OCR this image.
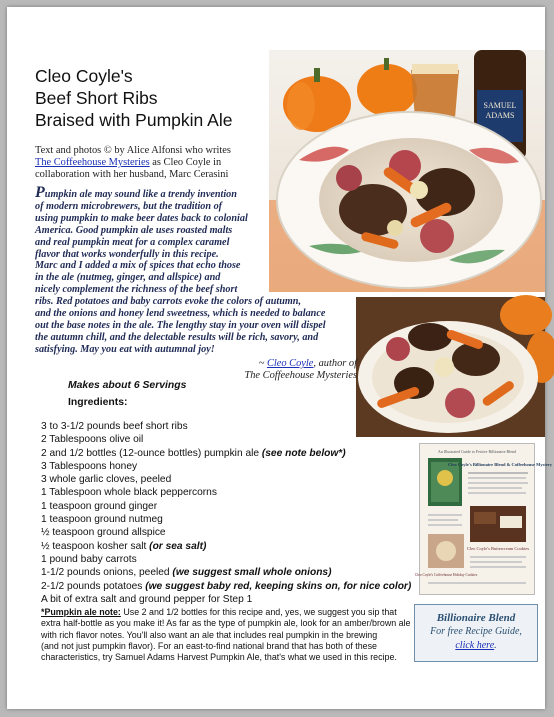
Cleo Coyle's
Beef Short Ribs
Braised with Pumpkin Ale
Text and photos © by Alice Alfonsi who writes
The Coffeehouse Mysteries as Cleo Coyle in
collaboration with her husband, Marc Cerasini
SAMUEL
ADAMS
Pumpkin ale may sound like a trendy invention
of modern microbrewers, but the tradition of
using pumpkin to make beer dates back to colonial
America. Good pumpkin ale uses roasted malts
and real pumpkin meat for a complex caramel
flavor that works wonderfully in this recipe.
Marc and I added a mix of spices that echo those
in the ale (nutmeg, ginger, and allspice) and
nicely complement the richness of the beef short
ribs. Red potatoes and baby carrots evoke the colors of autumn,
and the onions and honey lend sweetness, which is needed to balance
out the base notes in the ale. The lengthy stay in your oven will dispel
the autumn chill, and the delectable results will be rich, savory, and
satisfying. May you eat with autumnal joy!
~ Cleo Coyle, author of
The Coffeehouse Mysteries
Makes about 6 Servings
Ingredients:
3 to 3-1/2 pounds beef short ribs
2 Tablespoons olive oil
2 and 1/2 bottles (12-ounce bottles) pumpkin ale (see note below*)
3 Tablespoons honey
3 whole garlic cloves, peeled
1 Tablespoon whole black peppercorns
1 teaspoon ground ginger
1 teaspoon ground nutmeg
½ teaspoon ground allspice
½ teaspoon kosher salt (or sea salt)
1 pound baby carrots
1-1/2 pounds onions, peeled (we suggest small whole onions)
2-1/2 pounds potatoes (we suggest baby red, keeping skins on, for nice color)
A bit of extra salt and ground pepper for Step 1
An Illustrated Guide to Festive Billionaire Blend
Cleo Coyle's Billionaire Blend & Coffeehouse Mystery
Cleo Coyle's Buttercream Cookies
Cleo Coyle's Coffeehouse Holiday Cookies
Billionaire Blend
For free Recipe Guide,
click here.
*Pumpkin ale note: Use 2 and 1/2 bottles for this recipe and, yes, we suggest you sip that
extra half-bottle as you make it! As far as the type of pumpkin ale, look for an amber/brown ale
with rich flavor notes. You'll also want an ale that includes real pumpkin in the brewing
(and not just pumpkin flavor). For an east-to-find national brand that has both of these
characteristics, try Samuel Adams Harvest Pumpkin Ale, that's what we used in this recipe.
